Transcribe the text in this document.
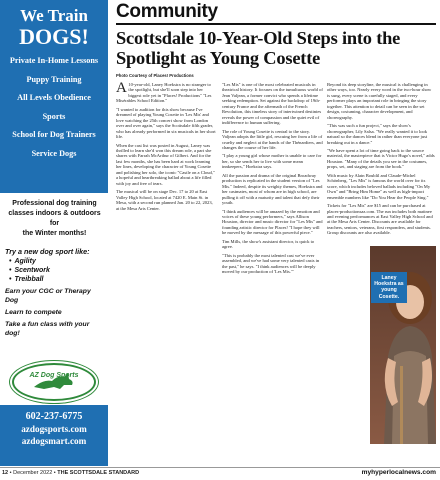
We Train
DOGS!
Private In-Home Lessons
Puppy Training
All Levels Obedience
Sports
School for Dog Trainers
Service Dogs
Professional dog training
classes indoors & outdoors for
the Winter months!
Try a new dog sport like:
• Agility
• Scentwork
• Treibball
Earn your CGC or Therapy Dog
Learn to compete
Take a fun class with your dog!
AZ Dog Sports
602-237-6775
azdogsports.com
azdogsmart.com
Community
Scottsdale 10-Year-Old Steps into the Spotlight as Young Cosette
Photo Courtesy of Places! Productions

A 10-year-old, Laney Hoekstra is no stranger to the spotlight, but she'll soon step into her biggest role yet in "Places! Productions" "Les Misérables School Edition."

"I wanted to audition for this show because I've dreamed of playing Young Cosette in 'Les Mis' and love watching the 25th concert show from London over and over again," says the Scottsdale fifth grader, who has already performed in six musicals in her short life.

When the cast list was posted in August, Laney was thrilled to learn she'd won this dream role, a part she shares with Farrah McArthur of Gilbert. And for the last few months, she has been hard at work learning her lines, developing the character of Young Cosette and polishing her solo, the iconic "Castle on a Cloud," a hopeful and heartbreaking ballad about a life filled with joy and free of tears.

The musical will be on stage Dec. 17 to 20 at East Valley High School, located at 7420 E. Main St. in Mesa, with a second run planned Jan. 20 to 22, 2023, at the Mesa Arts Center.

"Les Mis" is one of the most celebrated musicals in theatrical history. It focuses on the tumultuous world of Jean Valjean, a former convict who spends a lifetime seeking redemption. Set against the backdrop of 19th-century France and the aftermath of the French Revolution, this timeless story of intertwined destinies reveals the power of compassion and the quiet evil of indifference to human suffering.

The role of Young Cosette is central to the story. Valjean adopts the little girl, rescuing her from a life of cruelty and neglect at the hands of the Thénardiers, and changes the course of her life.

"I play a young girl whose mother is unable to care for her, so she sends her to live with some mean innkeepers," Hoekstra says.

All the passion and drama of the original Broadway production is replicated in the student version of "Les Mis." Indeed, despite its weighty themes, Hoekstra and her castmates, most of whom are in high school, are pulling it off with a maturity and talent that defy their youth.

"I think audiences will be amazed by the emotion and voices of these young performers," says Allison Houston, director and music director for "Les Mis" and founding artistic director for Places! "I hope they will be moved by the message of this powerful piece."

Tim Mills, the show's assistant director, is quick to agree.

"This is probably the most talented cast we've ever assembled, and we've had some very talented casts in the past," he says. "I think audiences will be deeply moved by our production of 'Les Mis.'"

Beyond its deep storyline, the musical is challenging in other ways, too. Nearly every word in the two-hour show is sung, every scene is carefully staged, and every performer plays an important role in bringing the story together. This attention to detail can be seen in the set design, costuming, character development, and choreography.

"This was such a fun project," says the show's choreographer, Lily Salsa. "We really wanted it to look natural so the dances blend in rather than everyone just breaking out in a dance."

"We have spent a lot of time going back to the source material, the masterpiece that is Victor Hugo's novel," adds Houston. "Many of the details you see in the costumes, props, set, and staging are from the book."

With music by Alain Boublil and Claude-Michel Schönberg, "Les Mis" is famous the world over for its score, which includes beloved ballads including "On My Own" and "Bring Him Home" as well as high-impact ensemble numbers like "Do You Hear the People Sing."

Tickets for "Les Mis" are $15 and can be purchased at places-productionsaz.com. The run includes both matinee and evening performances at East Valley High School and at the Mesa Arts Center. Discounts are available for teachers, seniors, veterans, first responders, and students. Group discounts are also available.

Laney Hoekstra as young Cosette.
12 • December 2022 • THE SCOTTSDALE STANDARD	myhyperlocalnews.com
